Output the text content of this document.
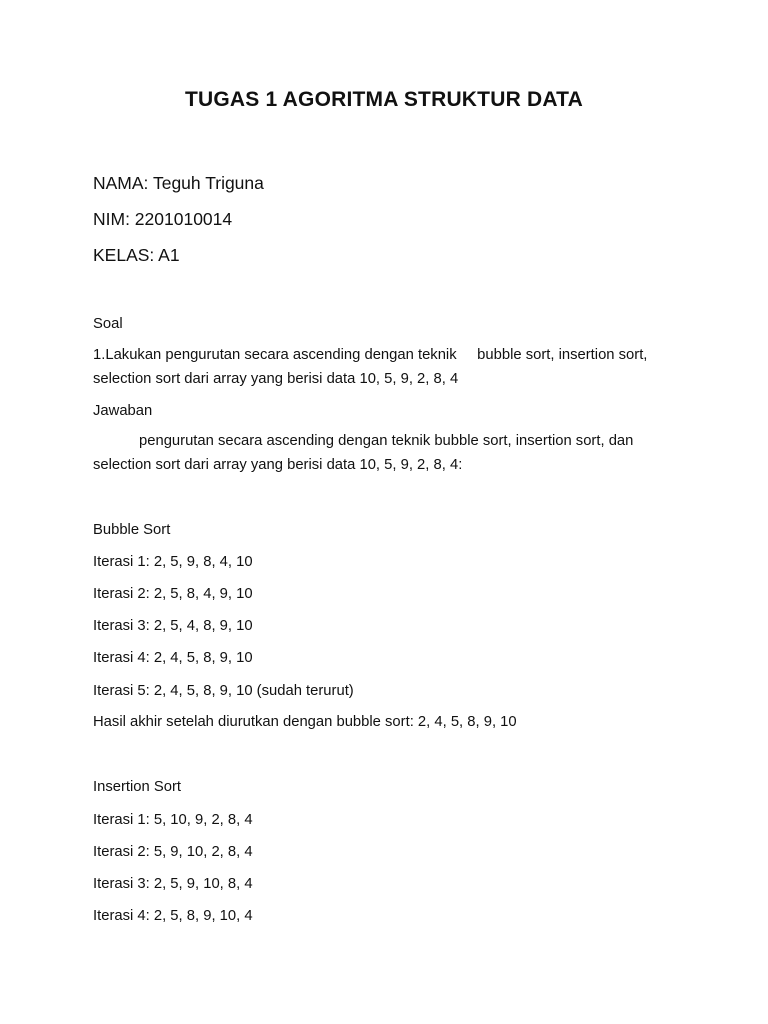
TUGAS 1 AGORITMA STRUKTUR DATA
NAMA: Teguh Triguna
NIM: 2201010014
KELAS: A1
Soal
1.Lakukan pengurutan secara ascending dengan teknik     bubble sort, insertion sort, selection sort dari array yang berisi data 10, 5, 9, 2, 8, 4
Jawaban
pengurutan secara ascending dengan teknik bubble sort, insertion sort, dan selection sort dari array yang berisi data 10, 5, 9, 2, 8, 4:
Bubble Sort
Iterasi 1: 2, 5, 9, 8, 4, 10
Iterasi 2: 2, 5, 8, 4, 9, 10
Iterasi 3: 2, 5, 4, 8, 9, 10
Iterasi 4: 2, 4, 5, 8, 9, 10
Iterasi 5: 2, 4, 5, 8, 9, 10 (sudah terurut)
Hasil akhir setelah diurutkan dengan bubble sort: 2, 4, 5, 8, 9, 10
Insertion Sort
Iterasi 1: 5, 10, 9, 2, 8, 4
Iterasi 2: 5, 9, 10, 2, 8, 4
Iterasi 3: 2, 5, 9, 10, 8, 4
Iterasi 4: 2, 5, 8, 9, 10, 4
